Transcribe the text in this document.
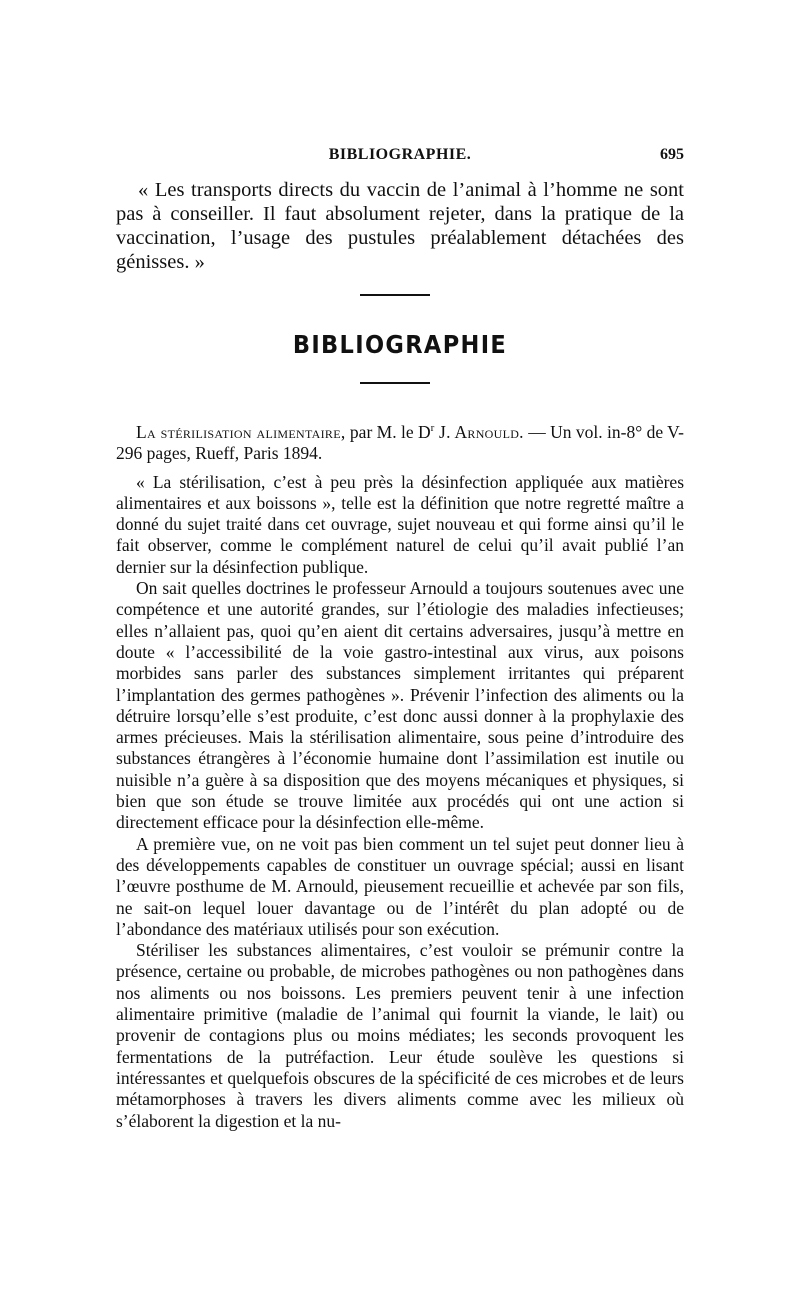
BIBLIOGRAPHIE.	695
« Les transports directs du vaccin de l’animal à l’homme ne sont pas à conseiller. Il faut absolument rejeter, dans la pratique de la vaccination, l’usage des pustules préalablement détachées des génisses. »
BIBLIOGRAPHIE

La stérilisation alimentaire, par M. le $D^r$ J. Arnould. — Un vol. in-8° de V-296 pages, Rueff, Paris 1894.

« La stérilisation, c’est à peu près la désinfection appliquée aux matières alimentaires et aux boissons », telle est la définition que notre regretté maître a donné du sujet traité dans cet ouvrage, sujet nouveau et qui forme ainsi qu’il le fait observer, comme le complément naturel de celui qu’il avait publié l’an dernier sur la désinfection publique.

On sait quelles doctrines le professeur Arnould a toujours soutenues avec une compétence et une autorité grandes, sur l’étiologie des maladies infectieuses; elles n’allaient pas, quoi qu’en aient dit certains adversaires, jusqu’à mettre en doute « l’accessibilité de la voie gastro-intestinal aux virus, aux poisons morbides sans parler des substances simplement irritantes qui préparent l’implantation des germes pathogènes ». Prévenir l’infection des aliments ou la détruire lorsqu’elle s’est produite, c’est donc aussi donner à la prophylaxie des armes précieuses. Mais la stérilisation alimentaire, sous peine d’introduire des substances étrangères à l’économie humaine dont l’assimilation est inutile ou nuisible n’a guère à sa disposition que des moyens mécaniques et physiques, si bien que son étude se trouve limitée aux procédés qui ont une action si directement efficace pour la désinfection elle-même.

A première vue, on ne voit pas bien comment un tel sujet peut donner lieu à des développements capables de constituer un ouvrage spécial; aussi en lisant l’œuvre posthume de M. Arnould, pieusement recueillie et achevée par son fils, ne sait-on lequel louer davantage ou de l’intérêt du plan adopté ou de l’abondance des matériaux utilisés pour son exécution.

Stériliser les substances alimentaires, c’est vouloir se prémunir contre la présence, certaine ou probable, de microbes pathogènes ou non pathogènes dans nos aliments ou nos boissons. Les premiers peuvent tenir à une infection alimentaire primitive (maladie de l’animal qui fournit la viande, le lait) ou provenir de contagions plus ou moins médiates; les seconds provoquent les fermentations de la putréfaction. Leur étude soulève les questions si intéressantes et quelquefois obscures de la spécificité de ces microbes et de leurs métamorphoses à travers les divers aliments comme avec les milieux où s’élaborent la digestion et la nu-
